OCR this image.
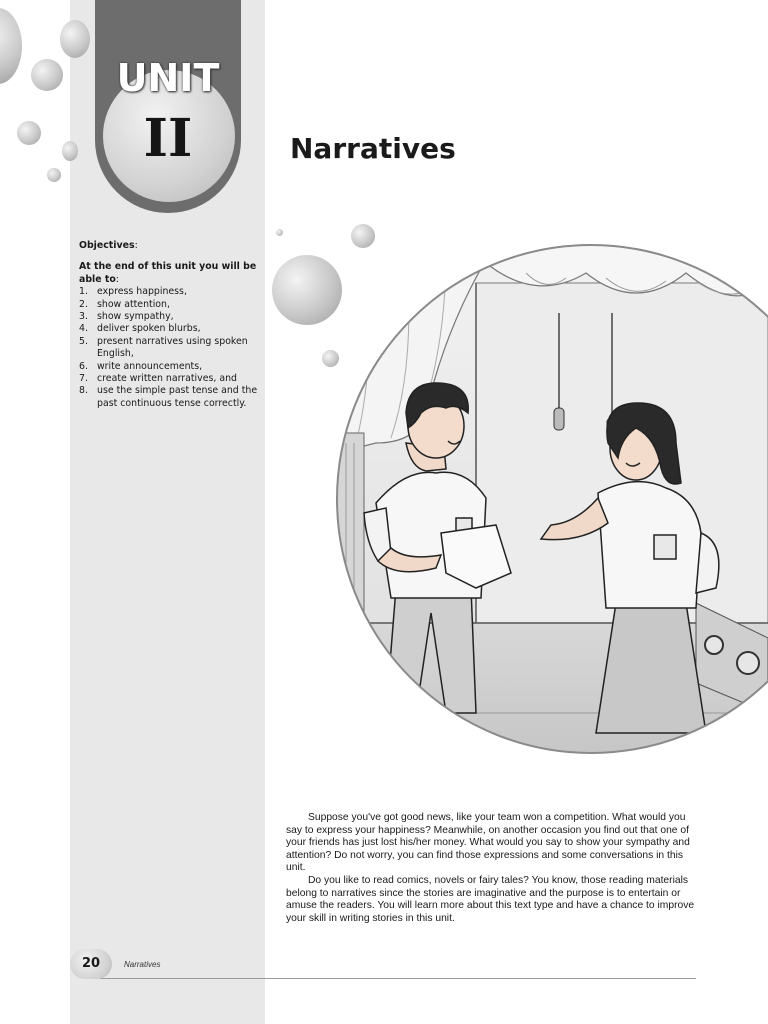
UNIT
II	Narratives
Objectives:
At the end of this unit you will be able to:
1. express happiness,
2. show attention,
3. show sympathy,
4. deliver spoken blurbs,
5. present narratives using spoken English,
6. write announcements,
7. create written narratives, and
8. use the simple past tense and the past continuous tense correctly.

Suppose you've got good news, like your team won a competition. What would you say to express your happiness? Meanwhile, on another occasion you find out that one of your friends has just lost his/her money. What would you say to show your sympathy and attention? Do not worry, you can find those expressions and some conversations in this unit.

Do you like to read comics, novels or fairy tales? You know, those reading materials belong to narratives since the stories are imaginative and the purpose is to entertain or amuse the readers. You will learn more about this text type and have a chance to improve your skill in writing stories in this unit.

20	Narratives
